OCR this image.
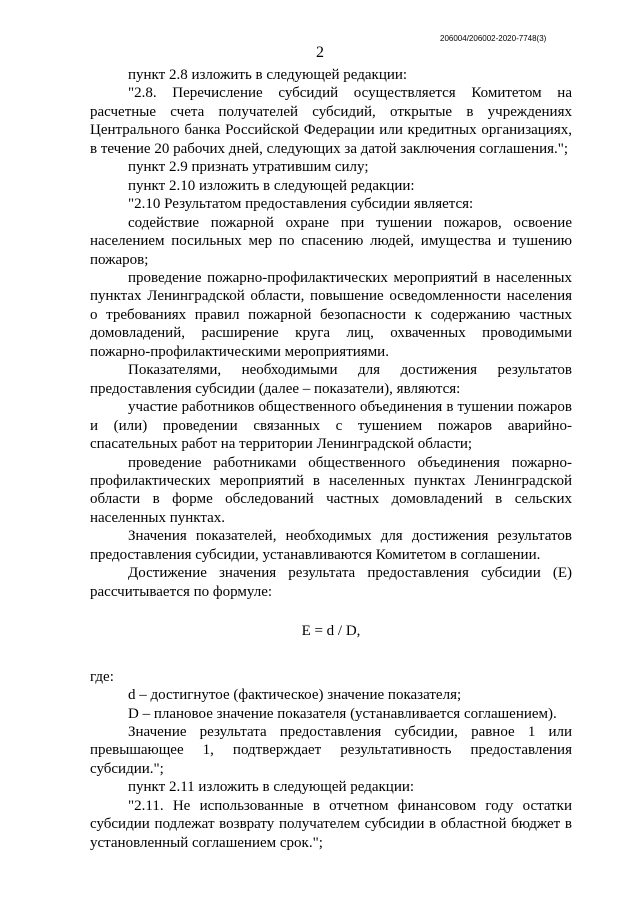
206004/206002-2020-7748(3)
2

пункт 2.8 изложить в следующей редакции:

"2.8. Перечисление субсидий осуществляется Комитетом на расчетные счета получателей субсидий, открытые в учреждениях Центрального банка Российской Федерации или кредитных организациях, в течение 20 рабочих дней, следующих за датой заключения соглашения.";

пункт 2.9 признать утратившим силу;

пункт 2.10 изложить в следующей редакции:

"2.10 Результатом предоставления субсидии является:

содействие пожарной охране при тушении пожаров, освоение населением посильных мер по спасению людей, имущества и тушению пожаров;

проведение пожарно-профилактических мероприятий в населенных пунктах Ленинградской области, повышение осведомленности населения о требованиях правил пожарной безопасности к содержанию частных домовладений, расширение круга лиц, охваченных проводимыми пожарно-профилактическими мероприятиями.

Показателями, необходимыми для достижения результатов предоставления субсидии (далее – показатели), являются:

участие работников общественного объединения в тушении пожаров и (или) проведении связанных с тушением пожаров аварийно-спасательных работ на территории Ленинградской области;

проведение работниками общественного объединения пожарно-профилактических мероприятий в населенных пунктах Ленинградской области в форме обследований частных домовладений в сельских населенных пунктах.

Значения показателей, необходимых для достижения результатов предоставления субсидии, устанавливаются Комитетом в соглашении.

Достижение значения результата предоставления субсидии (Е) рассчитывается по формуле:

E = d / D,

где:

d – достигнутое (фактическое) значение показателя;

D – плановое значение показателя (устанавливается соглашением).

Значение результата предоставления субсидии, равное 1 или превышающее 1, подтверждает результативность предоставления субсидии.";

пункт 2.11 изложить в следующей редакции:

"2.11. Не использованные в отчетном финансовом году остатки субсидии подлежат возврату получателем субсидии в областной бюджет в установленный соглашением срок.";
